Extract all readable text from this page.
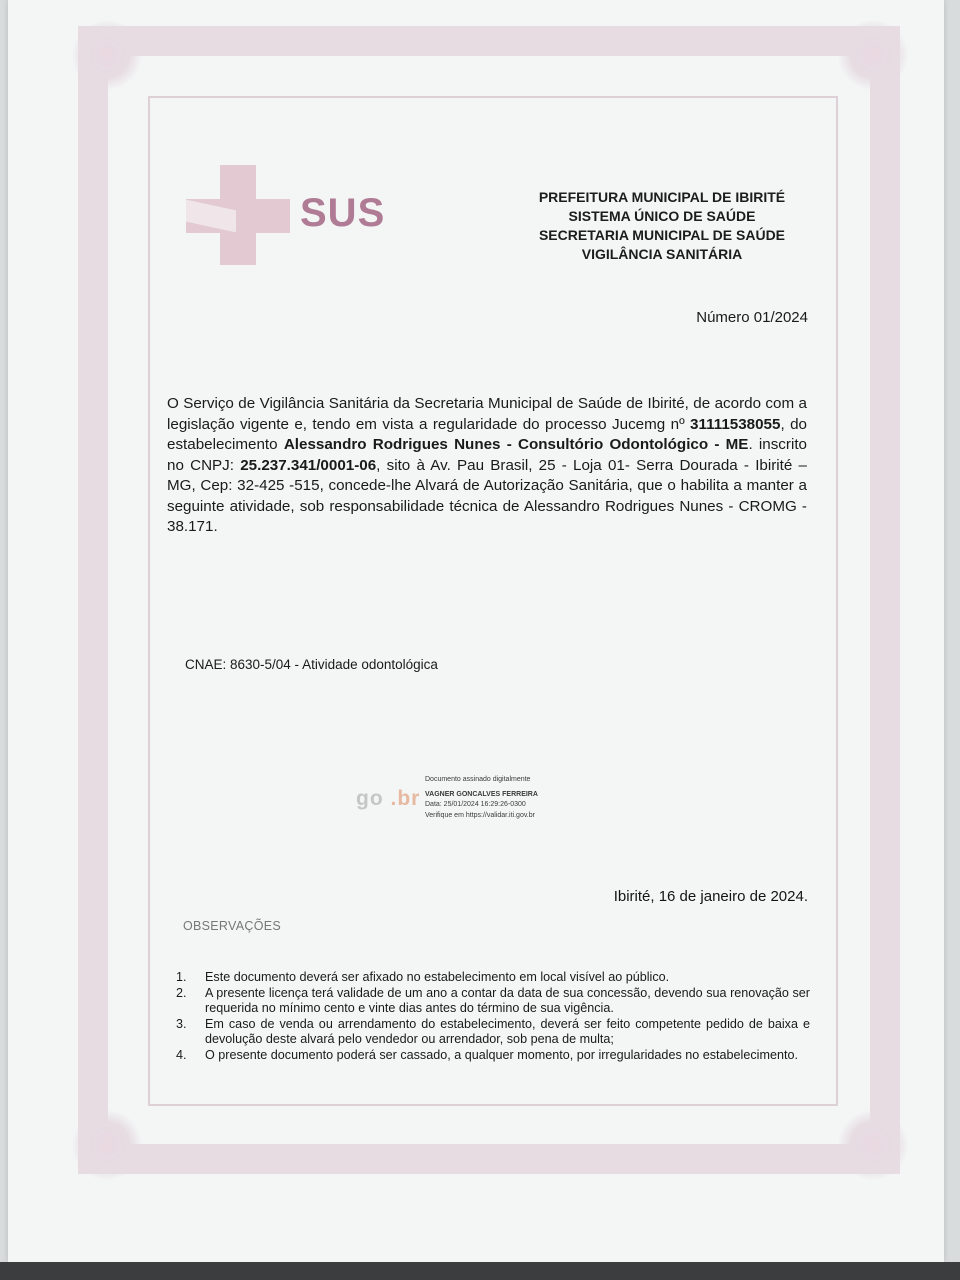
SUS	PREFEITURA MUNICIPAL DE IBIRITÉ
SISTEMA ÚNICO DE SAÚDE
SECRETARIA MUNICIPAL DE SAÚDE
VIGILÂNCIA SANITÁRIA
Número 01/2024
O Serviço de Vigilância Sanitária da Secretaria Municipal de Saúde de Ibirité, de acordo com a legislação vigente e, tendo em vista a regularidade do processo Jucemg nº 31111538055, do estabelecimento Alessandro Rodrigues Nunes - Consultório Odontológico - ME. inscrito no CNPJ: 25.237.341/0001-06, sito à Av. Pau Brasil, 25 - Loja 01- Serra Dourada - Ibirité – MG, Cep: 32-425 -515, concede-lhe Alvará de Autorização Sanitária, que o habilita a manter a seguinte atividade, sob responsabilidade técnica de Alessandro Rodrigues Nunes - CROMG - 38.171.
CNAE: 8630-5/04 - Atividade odontológica
go .br
Documento assinado digitalmente
VAGNER GONCALVES FERREIRA
Data: 25/01/2024 16:29:26-0300
Verifique em https://validar.iti.gov.br
Ibirité, 16 de janeiro de 2024.
OBSERVAÇÕES
1.	Este documento deverá ser afixado no estabelecimento em local visível ao público.
2.	A presente licença terá validade de um ano a contar da data de sua concessão, devendo sua renovação ser requerida no mínimo cento e vinte dias antes do término de sua vigência.
3.	Em caso de venda ou arrendamento do estabelecimento, deverá ser feito competente pedido de baixa e devolução deste alvará pelo vendedor ou arrendador, sob pena de multa;
4.	O presente documento poderá ser cassado, a qualquer momento, por irregularidades no estabelecimento.
